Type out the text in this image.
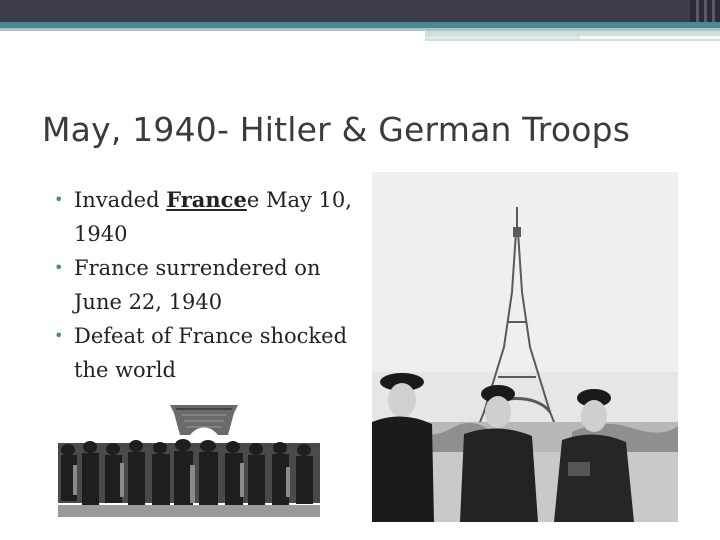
May, 1940- Hitler & German Troops
• Invaded Francee May 10, 1940
• France surrendered on June 22, 1940
• Defeat of France shocked the world
